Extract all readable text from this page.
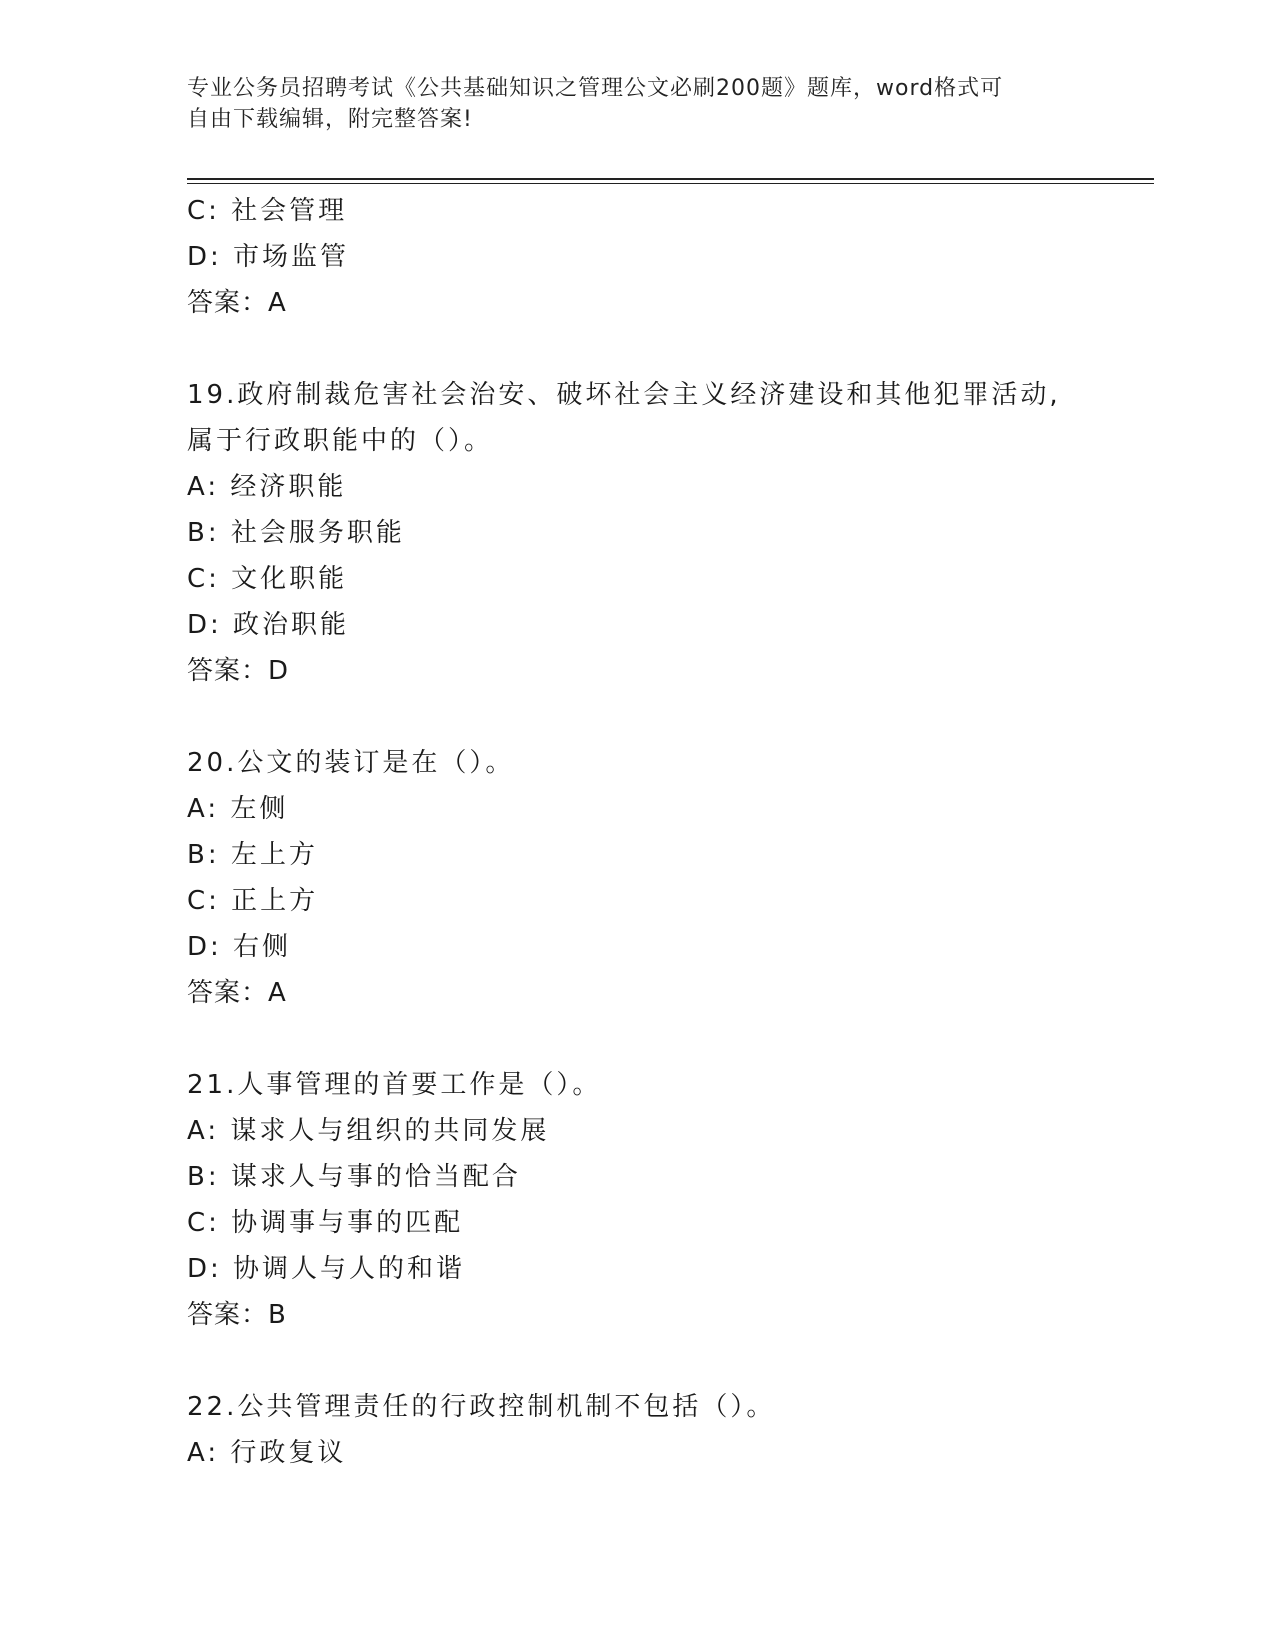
专业公务员招聘考试《公共基础知识之管理公文必刷200题》题库，word格式可
自由下载编辑，附完整答案!
C: 社会管理
D: 市场监管
答案：A
19.政府制裁危害社会治安、破坏社会主义经济建设和其他犯罪活动,
属于行政职能中的（）。
A: 经济职能
B: 社会服务职能
C: 文化职能
D: 政治职能
答案：D
20.公文的装订是在（）。
A: 左侧
B: 左上方
C: 正上方
D: 右侧
答案：A
21.人事管理的首要工作是（）。
A: 谋求人与组织的共同发展
B: 谋求人与事的恰当配合
C: 协调事与事的匹配
D: 协调人与人的和谐
答案：B
22.公共管理责任的行政控制机制不包括（）。
A: 行政复议
